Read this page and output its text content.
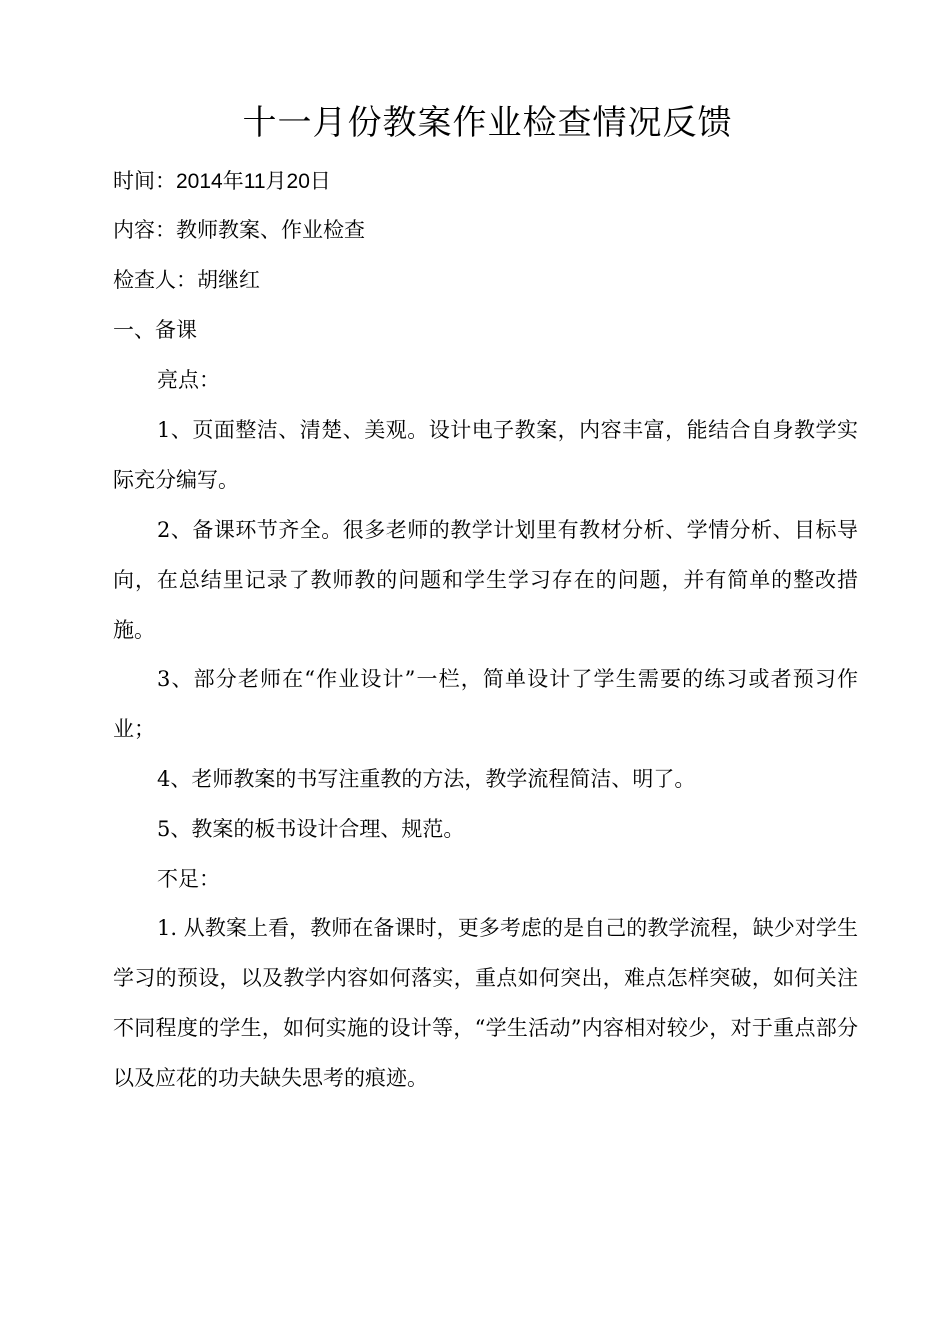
十一月份教案作业检查情况反馈
时间：2014年11月20日
内容：教师教案、作业检查
检查人：胡继红
一、备课
亮点：
1、页面整洁、清楚、美观。设计电子教案，内容丰富，能结合自身教学实际充分编写。
2、备课环节齐全。很多老师的教学计划里有教材分析、学情分析、目标导向，在总结里记录了教师教的问题和学生学习存在的问题，并有简单的整改措施。
3、部分老师在“作业设计”一栏，简单设计了学生需要的练习或者预习作业；
4、老师教案的书写注重教的方法，教学流程简洁、明了。
5、教案的板书设计合理、规范。
不足：
1. 从教案上看，教师在备课时，更多考虑的是自己的教学流程，缺少对学生学习的预设，以及教学内容如何落实，重点如何突出，难点怎样突破，如何关注不同程度的学生，如何实施的设计等，“学生活动”内容相对较少，对于重点部分以及应花的功夫缺失思考的痕迹。
